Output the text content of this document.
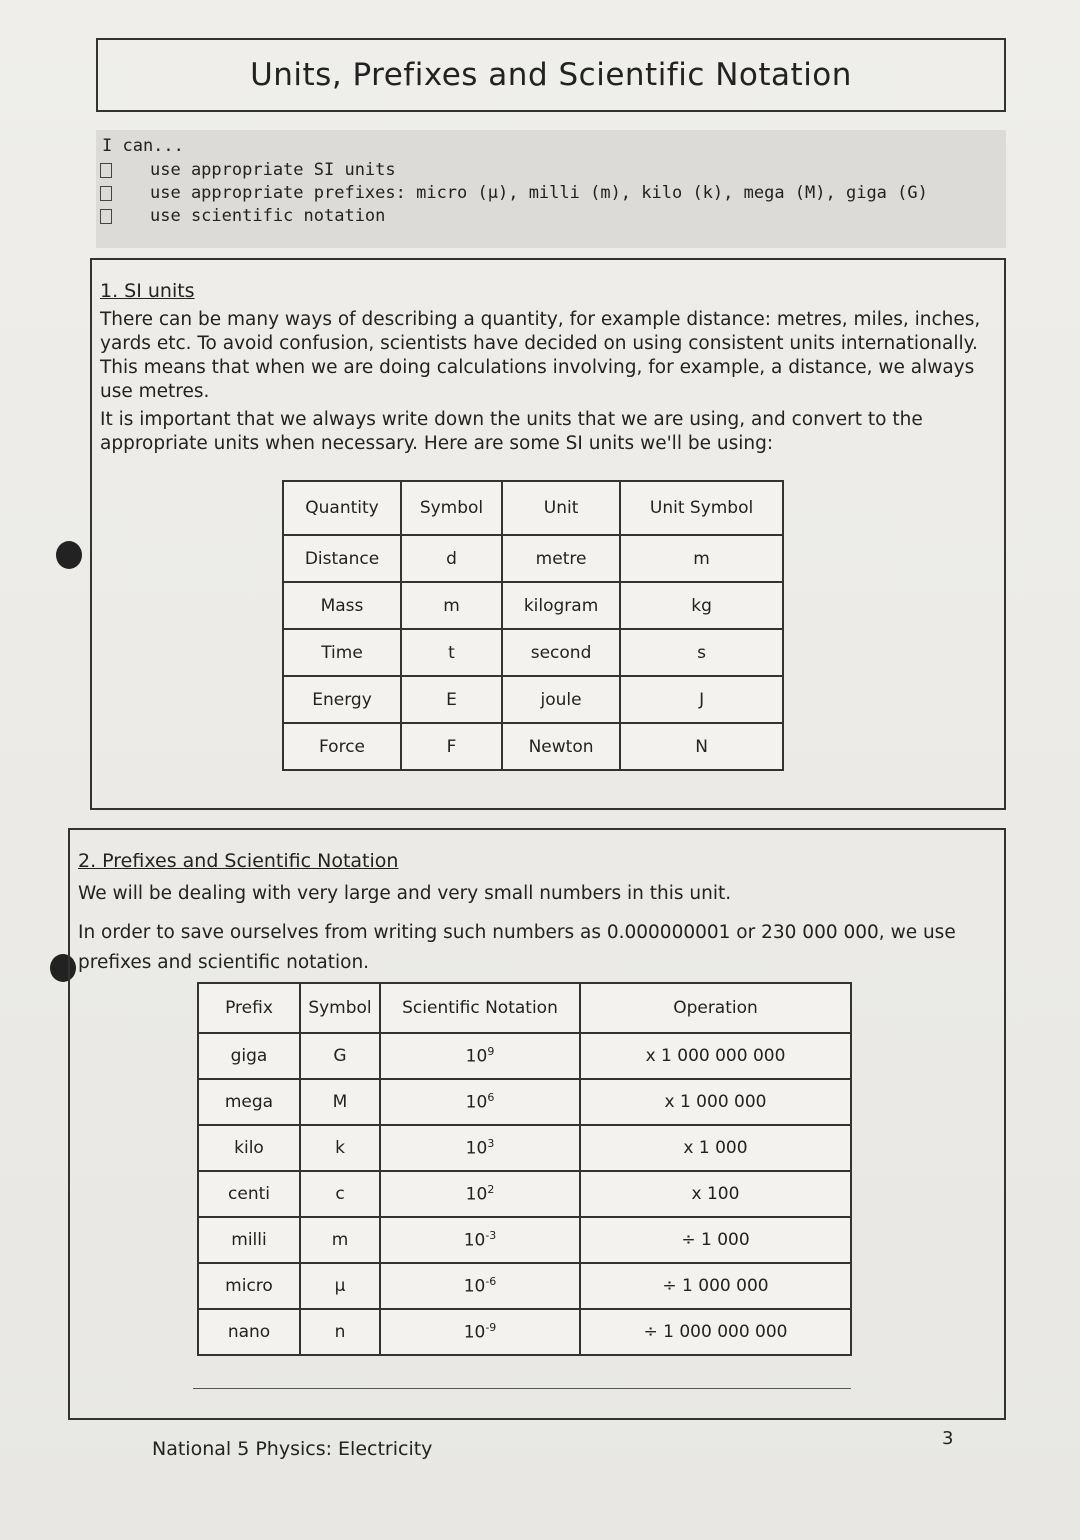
Units, Prefixes and Scientific Notation
I can...
use appropriate SI units
use appropriate prefixes: micro (µ), milli (m), kilo (k), mega (M), giga (G)
use scientific notation
1. SI units
There can be many ways of describing a quantity, for example distance: metres, miles, inches, yards etc. To avoid confusion, scientists have decided on using consistent units internationally. This means that when we are doing calculations involving, for example, a distance, we always use metres.
It is important that we always write down the units that we are using, and convert to the appropriate units when necessary. Here are some SI units we'll be using:
Quantity	Symbol	Unit	Unit Symbol
Distance	d	metre	m
Mass	m	kilogram	kg
Time	t	second	s
Energy	E	joule	J
Force	F	Newton	N
2. Prefixes and Scientific Notation
We will be dealing with very large and very small numbers in this unit.
In order to save ourselves from writing such numbers as 0.000000001 or 230 000 000, we use prefixes and scientific notation.
Prefix	Symbol	Scientific Notation	Operation
giga	G	$10^9$	x 1 000 000 000
mega	M	$10^6$	x 1 000 000
kilo	k	$10^3$	x 1 000
centi	c	$10^2$	x 100
milli	m	$10^{-3}$	÷ 1 000
micro	µ	$10^{-6}$	÷ 1 000 000
nano	n	$10^{-9}$	÷ 1 000 000 000
National 5 Physics: Electricity	3
